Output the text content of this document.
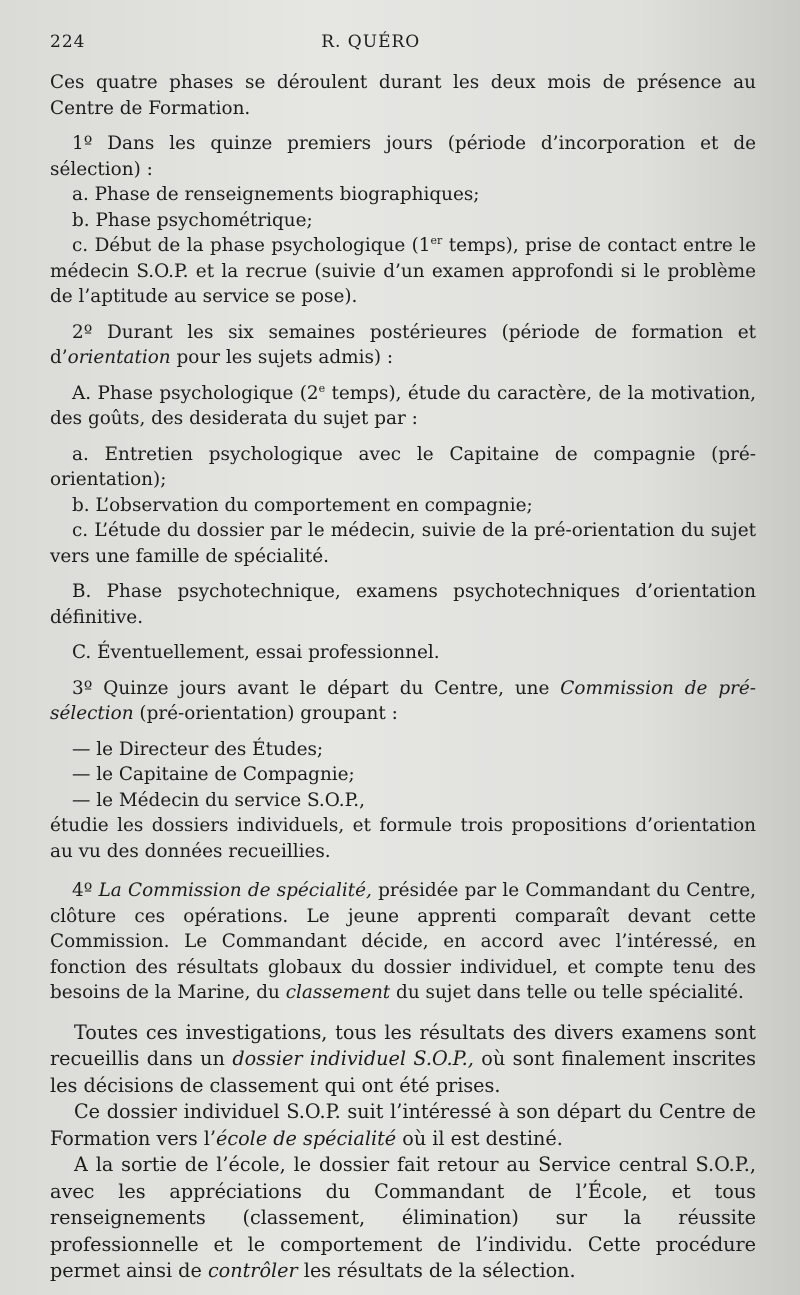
224	R. QUÉRO

Ces quatre phases se déroulent durant les deux mois de présence au Centre de Formation.

1º Dans les quinze premiers jours (période d’incorporation et de sélection) :

a. Phase de renseignements biographiques;

b. Phase psychométrique;

c. Début de la phase psychologique (1er temps), prise de contact entre le médecin S.O.P. et la recrue (suivie d’un examen approfondi si le problème de l’aptitude au service se pose).

2º Durant les six semaines postérieures (période de formation et d’orientation pour les sujets admis) :

A. Phase psychologique (2e temps), étude du caractère, de la motivation, des goûts, des desiderata du sujet par :

a. Entretien psychologique avec le Capitaine de compagnie (pré-orientation);

b. L’observation du comportement en compagnie;

c. L’étude du dossier par le médecin, suivie de la pré-orientation du sujet vers une famille de spécialité.

B. Phase psychotechnique, examens psychotechniques d’orientation définitive.

C. Éventuellement, essai professionnel.

3º Quinze jours avant le départ du Centre, une Commission de pré-sélection (pré-orientation) groupant :

— le Directeur des Études;

— le Capitaine de Compagnie;

— le Médecin du service S.O.P.,

étudie les dossiers individuels, et formule trois propositions d’orientation au vu des données recueillies.

4º La Commission de spécialité, présidée par le Commandant du Centre, clôture ces opérations. Le jeune apprenti comparaît devant cette Commission. Le Commandant décide, en accord avec l’intéressé, en fonction des résultats globaux du dossier individuel, et compte tenu des besoins de la Marine, du classement du sujet dans telle ou telle spécialité.

Toutes ces investigations, tous les résultats des divers examens sont recueillis dans un dossier individuel S.O.P., où sont finalement inscrites les décisions de classement qui ont été prises.

Ce dossier individuel S.O.P. suit l’intéressé à son départ du Centre de Formation vers l’école de spécialité où il est destiné.

A la sortie de l’école, le dossier fait retour au Service central S.O.P., avec les appréciations du Commandant de l’École, et tous renseignements (classement, élimination) sur la réussite professionnelle et le comportement de l’individu. Cette procédure permet ainsi de contrôler les résultats de la sélection.
